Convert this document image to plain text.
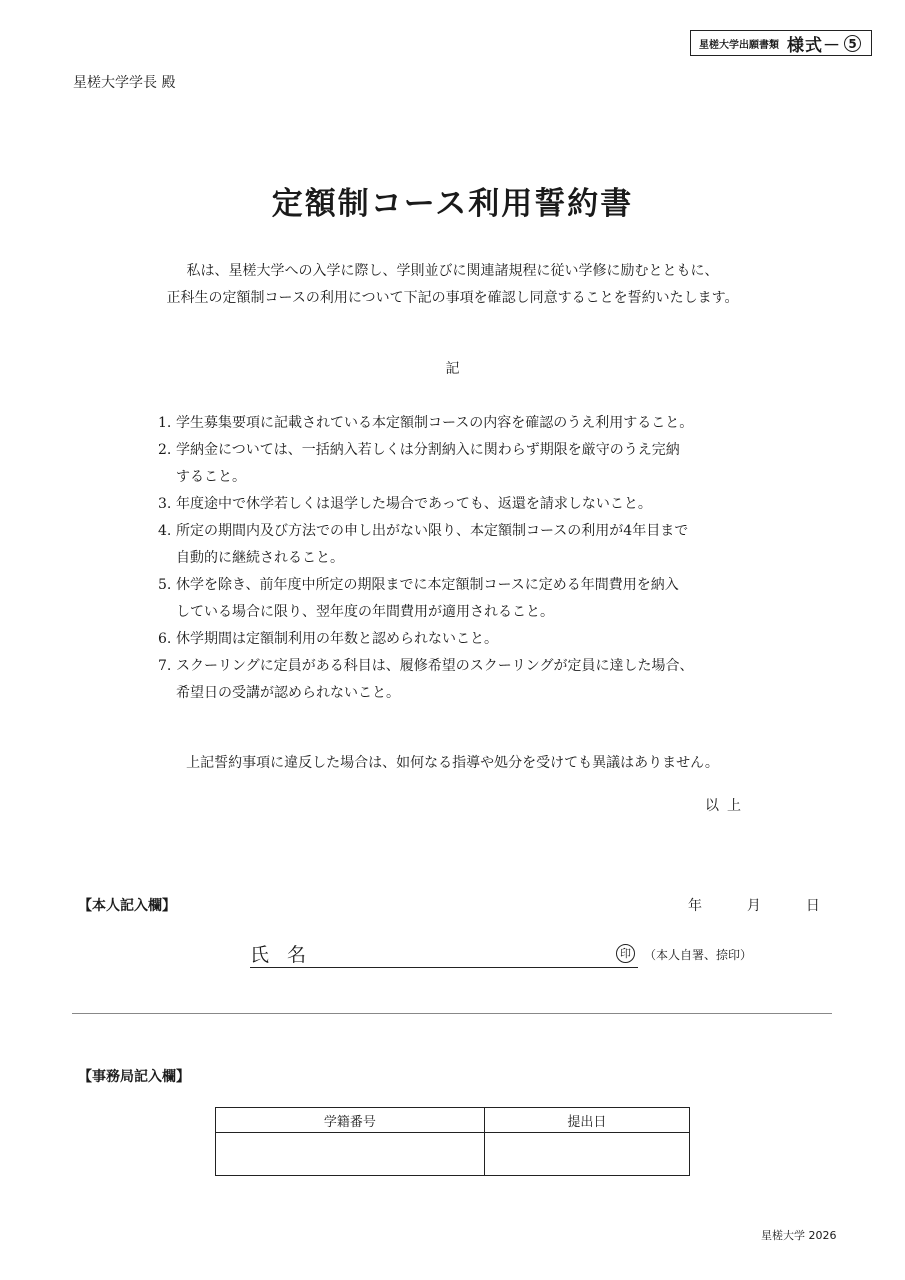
星槎大学出願書類 様式－ 5
星槎大学学長 殿
定額制コース利用誓約書
私は、星槎大学への入学に際し、学則並びに関連諸規程に従い学修に励むとともに、
正科生の定額制コースの利用について下記の事項を確認し同意することを誓約いたします。
記
1. 学生募集要項に記載されている本定額制コースの内容を確認のうえ利用すること。
2. 学納金については、一括納入若しくは分割納入に関わらず期限を厳守のうえ完納
すること。
3. 年度途中で休学若しくは退学した場合であっても、返還を請求しないこと。
4. 所定の期間内及び方法での申し出がない限り、本定額制コースの利用が4年目まで
自動的に継続されること。
5. 休学を除き、前年度中所定の期限までに本定額制コースに定める年間費用を納入
している場合に限り、翌年度の年間費用が適用されること。
6. 休学期間は定額制利用の年数と認められないこと。
7. スクーリングに定員がある科目は、履修希望のスクーリングが定員に達した場合、
希望日の受講が認められないこと。
上記誓約事項に違反した場合は、如何なる指導や処分を受けても異議はありません。
以上
【本人記入欄】	年	月	日
氏名	印	（本人自署、捺印）
【事務局記入欄】
学籍番号	提出日

星槎大学 2026
